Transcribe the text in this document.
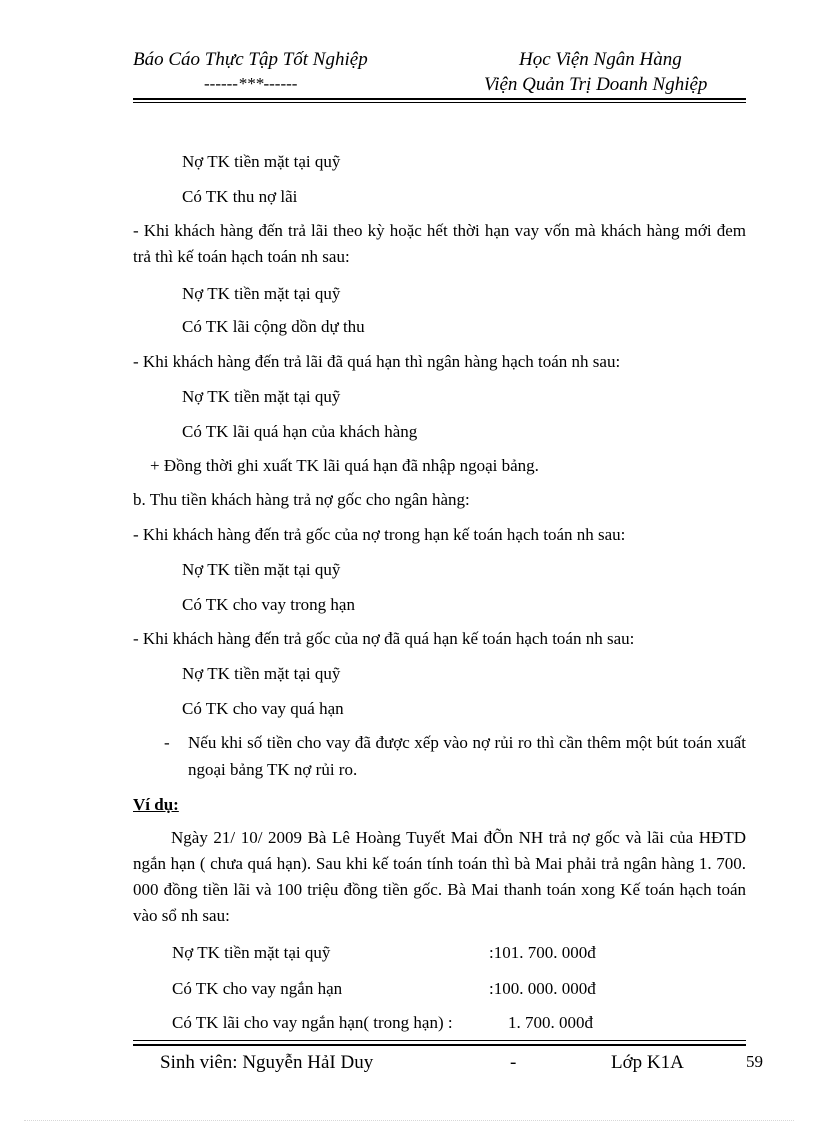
Báo Cáo Thực Tập Tốt Nghiệp
------***------
Học Viện Ngân Hàng
Viện Quản Trị Doanh Nghiệp
Nợ TK tiền mặt tại quỹ
Có TK thu nợ lãi
- Khi khách hàng đến trả lãi theo kỳ hoặc hết thời hạn vay vốn mà khách hàng mới đem trả thì kế toán hạch toán nh sau:
Nợ TK tiền mặt tại quỹ
Có TK lãi cộng dồn dự thu
- Khi khách hàng đến trả lãi đã quá hạn thì ngân hàng hạch toán nh sau:
Nợ TK tiền mặt tại quỹ
Có TK lãi quá hạn của khách hàng
+ Đồng thời ghi xuất TK lãi quá hạn đã nhập ngoại bảng.
b. Thu tiền khách hàng trả nợ gốc cho ngân hàng:
- Khi khách hàng đến trả gốc của nợ trong hạn kế toán hạch toán nh sau:
Nợ TK tiền mặt tại quỹ
Có TK cho vay trong hạn
- Khi khách hàng đến trả gốc của nợ đã quá hạn kế toán hạch toán nh sau:
Nợ TK tiền mặt tại quỹ
Có TK cho vay quá hạn
- Nếu khi số tiền cho vay đã được xếp vào nợ rủi ro thì cần thêm một bút toán xuất ngoại bảng TK nợ rủi ro.
Ví dụ:
Ngày 21/ 10/ 2009 Bà Lê Hoàng Tuyết Mai đÕn NH trả nợ gốc và lãi của HĐTD ngắn hạn ( chưa quá hạn). Sau khi kế toán tính toán thì bà Mai phải trả ngân hàng 1. 700. 000 đồng tiền lãi và 100 triệu đồng tiền gốc. Bà Mai thanh toán xong Kế toán hạch toán vào sổ nh sau:
Nợ TK tiền mặt tại quỹ	:101. 700. 000đ
Có TK cho vay ngắn hạn	:100. 000. 000đ
Có TK lãi cho vay ngắn hạn( trong hạn) :	1. 700. 000đ
Sinh viên: Nguyễn HảI Duy	-	Lớp K1A	59
